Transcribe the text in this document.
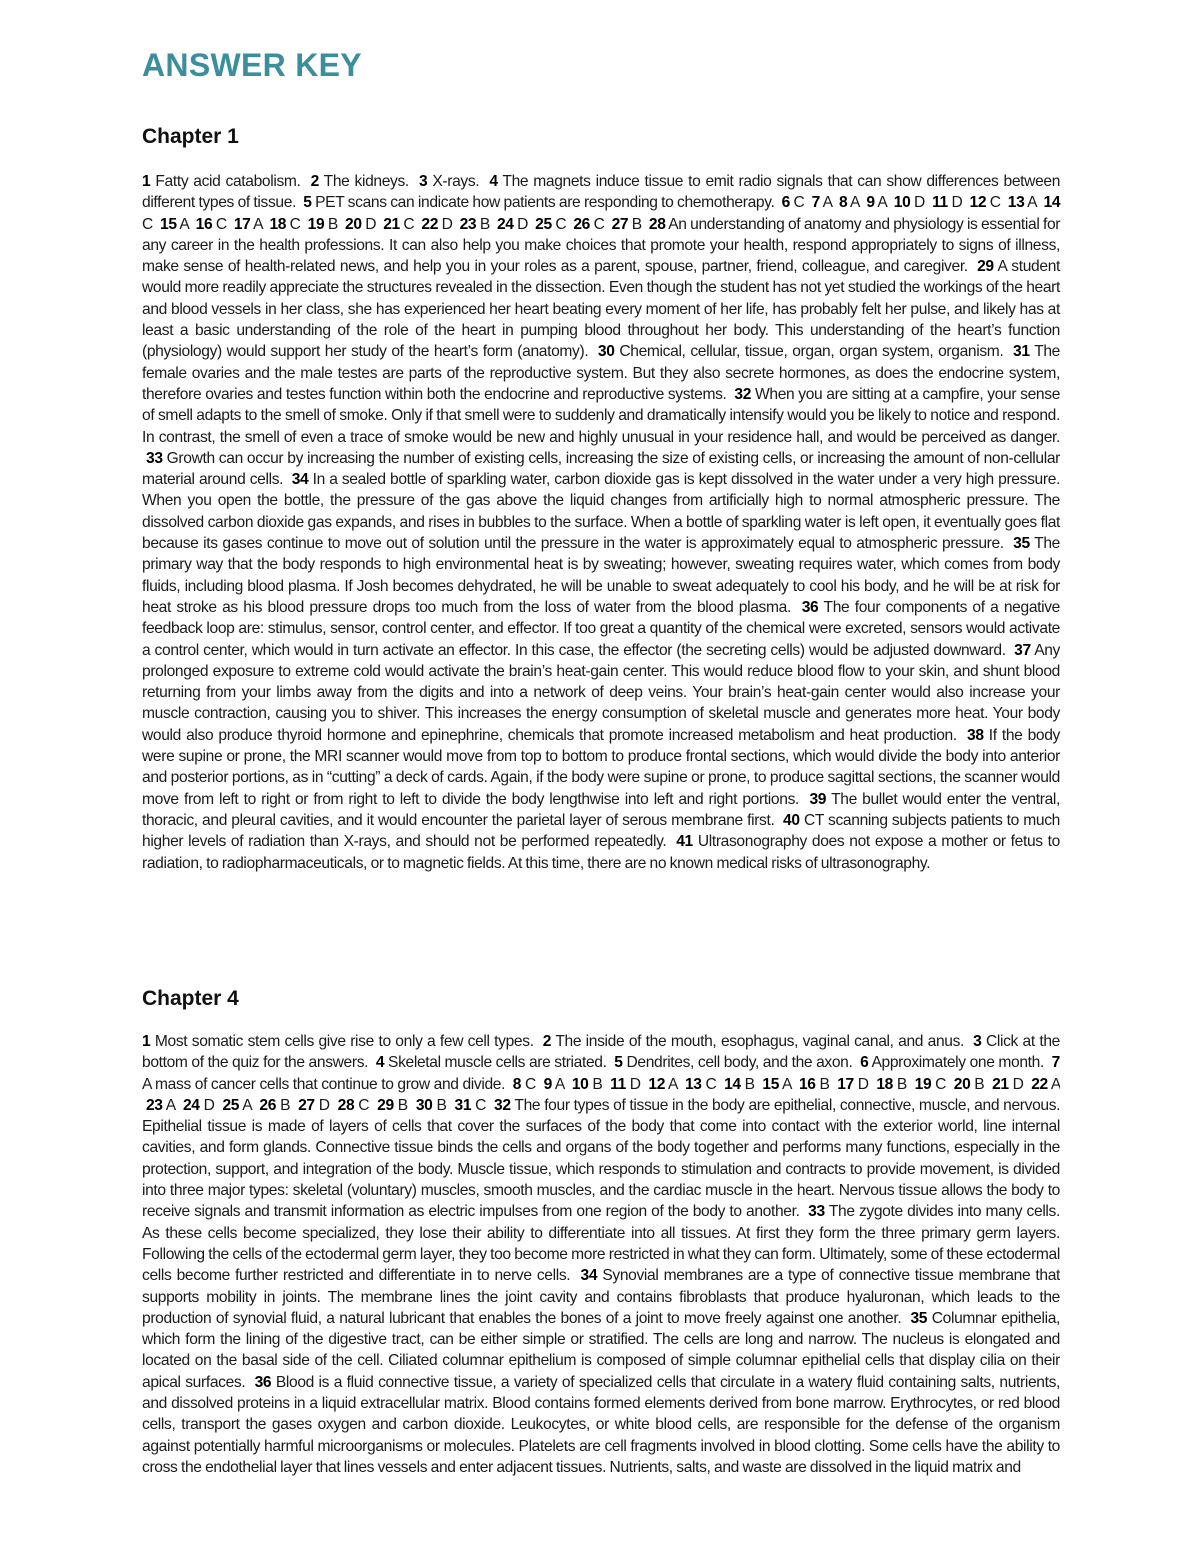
ANSWER KEY
Chapter 1
1 Fatty acid catabolism. 2 The kidneys. 3 X-rays. 4 The magnets induce tissue to emit radio signals that can show differences between different types of tissue. 5 PET scans can indicate how patients are responding to chemotherapy. 6 C 7 A 8 A 9 A 10 D 11 D 12 C 13 A 14 C 15 A 16 C 17 A 18 C 19 B 20 D 21 C 22 D 23 B 24 D 25 C 26 C 27 B 28 An understanding of anatomy and physiology is essential for any career in the health professions. It can also help you make choices that promote your health, respond appropriately to signs of illness, make sense of health-related news, and help you in your roles as a parent, spouse, partner, friend, colleague, and caregiver. 29 A student would more readily appreciate the structures revealed in the dissection. Even though the student has not yet studied the workings of the heart and blood vessels in her class, she has experienced her heart beating every moment of her life, has probably felt her pulse, and likely has at least a basic understanding of the role of the heart in pumping blood throughout her body. This understanding of the heart’s function (physiology) would support her study of the heart’s form (anatomy). 30 Chemical, cellular, tissue, organ, organ system, organism. 31 The female ovaries and the male testes are parts of the reproductive system. But they also secrete hormones, as does the endocrine system, therefore ovaries and testes function within both the endocrine and reproductive systems. 32 When you are sitting at a campfire, your sense of smell adapts to the smell of smoke. Only if that smell were to suddenly and dramatically intensify would you be likely to notice and respond. In contrast, the smell of even a trace of smoke would be new and highly unusual in your residence hall, and would be perceived as danger.  33 Growth can occur by increasing the number of existing cells, increasing the size of existing cells, or increasing the amount of non-cellular material around cells. 34 In a sealed bottle of sparkling water, carbon dioxide gas is kept dissolved in the water under a very high pressure. When you open the bottle, the pressure of the gas above the liquid changes from artificially high to normal atmospheric pressure. The dissolved carbon dioxide gas expands, and rises in bubbles to the surface. When a bottle of sparkling water is left open, it eventually goes flat because its gases continue to move out of solution until the pressure in the water is approximately equal to atmospheric pressure. 35 The primary way that the body responds to high environmental heat is by sweating; however, sweating requires water, which comes from body fluids, including blood plasma. If Josh becomes dehydrated, he will be unable to sweat adequately to cool his body, and he will be at risk for heat stroke as his blood pressure drops too much from the loss of water from the blood plasma. 36 The four components of a negative feedback loop are: stimulus, sensor, control center, and effector. If too great a quantity of the chemical were excreted, sensors would activate a control center, which would in turn activate an effector. In this case, the effector (the secreting cells) would be adjusted downward. 37 Any prolonged exposure to extreme cold would activate the brain’s heat-gain center. This would reduce blood flow to your skin, and shunt blood returning from your limbs away from the digits and into a network of deep veins. Your brain’s heat-gain center would also increase your muscle contraction, causing you to shiver. This increases the energy consumption of skeletal muscle and generates more heat. Your body would also produce thyroid hormone and epinephrine, chemicals that promote increased metabolism and heat production. 38 If the body were supine or prone, the MRI scanner would move from top to bottom to produce frontal sections, which would divide the body into anterior and posterior portions, as in “cutting” a deck of cards. Again, if the body were supine or prone, to produce sagittal sections, the scanner would move from left to right or from right to left to divide the body lengthwise into left and right portions. 39 The bullet would enter the ventral, thoracic, and pleural cavities, and it would encounter the parietal layer of serous membrane first. 40 CT scanning subjects patients to much higher levels of radiation than X-rays, and should not be performed repeatedly. 41 Ultrasonography does not expose a mother or fetus to radiation, to radiopharmaceuticals, or to magnetic fields. At this time, there are no known medical risks of ultrasonography.
Chapter 4
1 Most somatic stem cells give rise to only a few cell types. 2 The inside of the mouth, esophagus, vaginal canal, and anus. 3 Click at the bottom of the quiz for the answers. 4 Skeletal muscle cells are striated. 5 Dendrites, cell body, and the axon. 6 Approximately one month. 7 A mass of cancer cells that continue to grow and divide. 8 C 9 A 10 B 11 D 12 A 13 C 14 B 15 A 16 B 17 D 18 B 19 C 20 B 21 D 22 A  23 A 24 D 25 A 26 B 27 D 28 C 29 B 30 B 31 C 32 The four types of tissue in the body are epithelial, connective, muscle, and nervous. Epithelial tissue is made of layers of cells that cover the surfaces of the body that come into contact with the exterior world, line internal cavities, and form glands. Connective tissue binds the cells and organs of the body together and performs many functions, especially in the protection, support, and integration of the body. Muscle tissue, which responds to stimulation and contracts to provide movement, is divided into three major types: skeletal (voluntary) muscles, smooth muscles, and the cardiac muscle in the heart. Nervous tissue allows the body to receive signals and transmit information as electric impulses from one region of the body to another. 33 The zygote divides into many cells. As these cells become specialized, they lose their ability to differentiate into all tissues. At first they form the three primary germ layers. Following the cells of the ectodermal germ layer, they too become more restricted in what they can form. Ultimately, some of these ectodermal cells become further restricted and differentiate in to nerve cells. 34 Synovial membranes are a type of connective tissue membrane that supports mobility in joints. The membrane lines the joint cavity and contains fibroblasts that produce hyaluronan, which leads to the production of synovial fluid, a natural lubricant that enables the bones of a joint to move freely against one another. 35 Columnar epithelia, which form the lining of the digestive tract, can be either simple or stratified. The cells are long and narrow. The nucleus is elongated and located on the basal side of the cell. Ciliated columnar epithelium is composed of simple columnar epithelial cells that display cilia on their apical surfaces. 36 Blood is a fluid connective tissue, a variety of specialized cells that circulate in a watery fluid containing salts, nutrients, and dissolved proteins in a liquid extracellular matrix. Blood contains formed elements derived from bone marrow. Erythrocytes, or red blood cells, transport the gases oxygen and carbon dioxide. Leukocytes, or white blood cells, are responsible for the defense of the organism against potentially harmful microorganisms or molecules. Platelets are cell fragments involved in blood clotting. Some cells have the ability to cross the endothelial layer that lines vessels and enter adjacent tissues. Nutrients, salts, and waste are dissolved in the liquid matrix and
